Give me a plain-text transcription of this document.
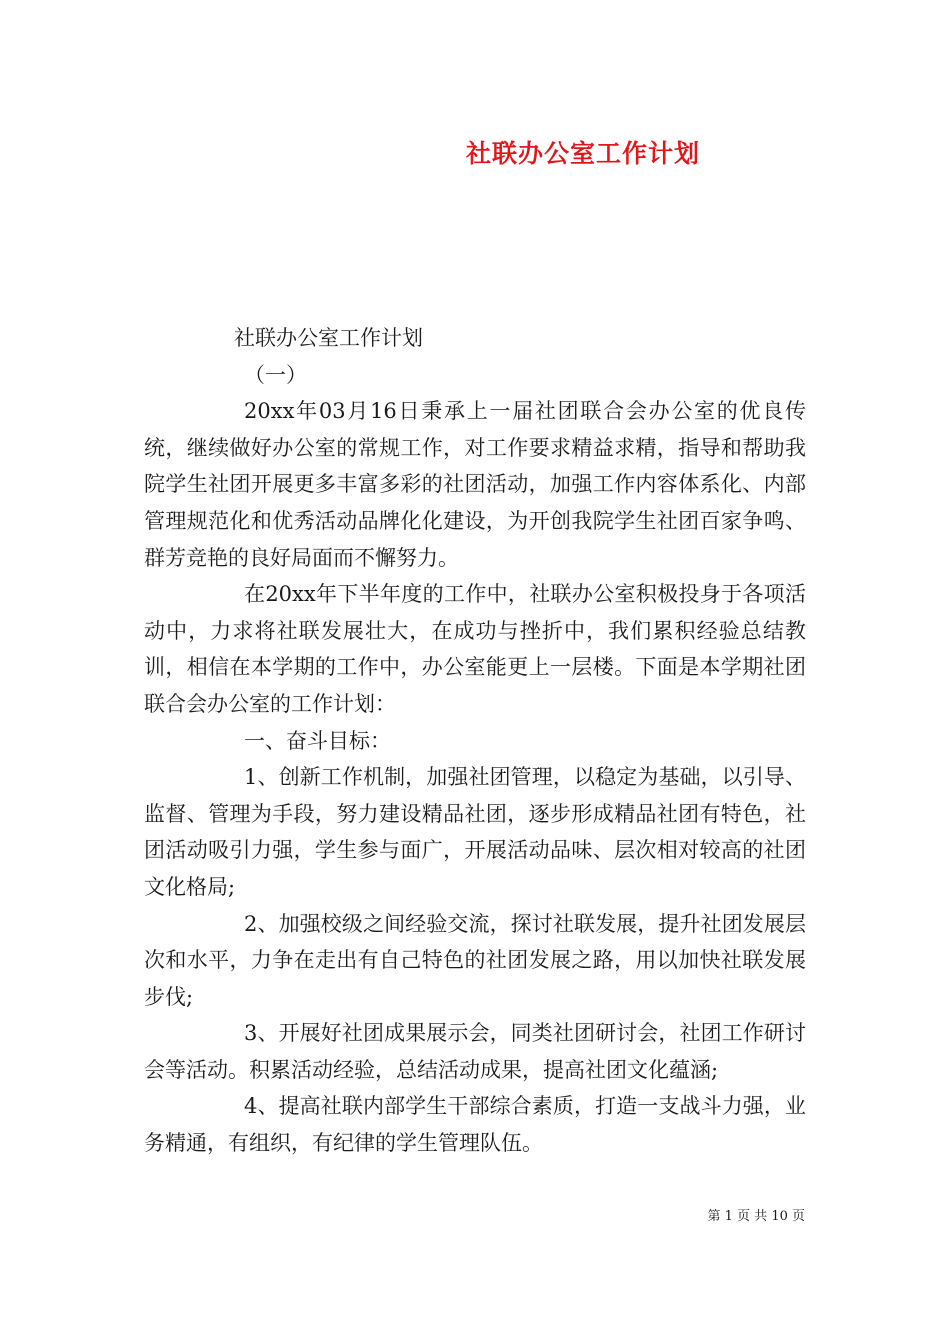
社联办公室工作计划

社联办公室工作计划

（一）

20xx年03月16日秉承上一届社团联合会办公室的优良传统，继续做好办公室的常规工作，对工作要求精益求精，指导和帮助我院学生社团开展更多丰富多彩的社团活动，加强工作内容体系化、内部管理规范化和优秀活动品牌化化建设，为开创我院学生社团百家争鸣、群芳竞艳的良好局面而不懈努力。

在20xx年下半年度的工作中，社联办公室积极投身于各项活动中，力求将社联发展壮大，在成功与挫折中，我们累积经验总结教训，相信在本学期的工作中，办公室能更上一层楼。下面是本学期社团联合会办公室的工作计划：

一、奋斗目标：

1、创新工作机制，加强社团管理，以稳定为基础，以引导、监督、管理为手段，努力建设精品社团，逐步形成精品社团有特色，社团活动吸引力强，学生参与面广，开展活动品味、层次相对较高的社团文化格局;

2、加强校级之间经验交流，探讨社联发展，提升社团发展层次和水平，力争在走出有自己特色的社团发展之路，用以加快社联发展步伐;

3、开展好社团成果展示会，同类社团研讨会，社团工作研讨会等活动。积累活动经验，总结活动成果，提高社团文化蕴涵;

4、提高社联内部学生干部综合素质，打造一支战斗力强，业务精通，有组织，有纪律的学生管理队伍。

第 1 页 共 10 页
